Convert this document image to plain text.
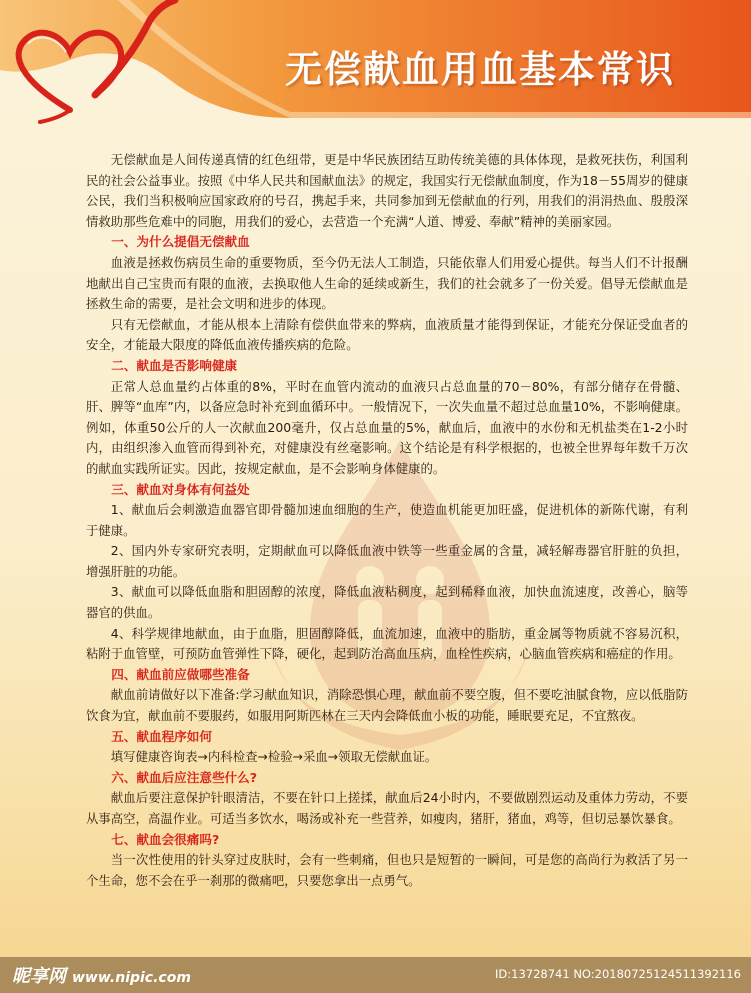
无偿献血用血基本常识

无偿献血是人间传递真情的红色纽带，更是中华民族团结互助传统美德的具体体现，是救死扶伤，利国利民的社会公益事业。按照《中华人民共和国献血法》的规定，我国实行无偿献血制度，作为18－55周岁的健康公民，我们当积极响应国家政府的号召，携起手来，共同参加到无偿献血的行列，用我们的涓涓热血、殷殷深情救助那些危难中的同胞，用我们的爱心，去营造一个充满“人道、博爱、奉献”精神的美丽家园。

一、为什么提倡无偿献血

血液是拯救伤病员生命的重要物质，至今仍无法人工制造，只能依靠人们用爱心提供。每当人们不计报酬地献出自己宝贵而有限的血液，去换取他人生命的延续或新生，我们的社会就多了一份关爱。倡导无偿献血是拯救生命的需要，是社会文明和进步的体现。

只有无偿献血，才能从根本上清除有偿供血带来的弊病，血液质量才能得到保证，才能充分保证受血者的安全，才能最大限度的降低血液传播疾病的危险。

二、献血是否影响健康

正常人总血量约占体重的8%，平时在血管内流动的血液只占总血量的70－80%，有部分储存在骨髓、肝、脾等“血库”内，以备应急时补充到血循环中。一般情况下，一次失血量不超过总血量10%，不影响健康。例如，体重50公斤的人一次献血200毫升，仅占总血量的5%，献血后，血液中的水份和无机盐类在1-2小时内，由组织渗入血管而得到补充，对健康没有丝毫影响。这个结论是有科学根据的，也被全世界每年数千万次的献血实践所证实。因此，按规定献血，是不会影响身体健康的。

三、献血对身体有何益处

1、献血后会刺激造血器官即骨髓加速血细胞的生产，使造血机能更加旺盛，促进机体的新陈代谢，有利于健康。

2、国内外专家研究表明，定期献血可以降低血液中铁等一些重金属的含量，减轻解毒器官肝脏的负担，增强肝脏的功能。

3、献血可以降低血脂和胆固醇的浓度，降低血液粘稠度，起到稀释血液，加快血流速度，改善心，脑等器官的供血。

4、科学规律地献血，由于血脂，胆固醇降低，血流加速，血液中的脂肪，重金属等物质就不容易沉积，粘附于血管壁，可预防血管弹性下降，硬化，起到防治高血压病，血栓性疾病，心脑血管疾病和癌症的作用。

四、献血前应做哪些准备

献血前请做好以下准备:学习献血知识，消除恐惧心理，献血前不要空腹，但不要吃油腻食物，应以低脂防饮食为宜，献血前不要服药，如服用阿斯匹林在三天内会降低血小板的功能，睡眠要充足，不宜熬夜。

五、献血程序如何

填写健康咨询表→内科检查→检验→采血→领取无偿献血证。

六、献血后应注意些什么?

献血后要注意保护针眼清洁，不要在针口上搓揉，献血后24小时内，不要做剧烈运动及重体力劳动，不要从事高空，高温作业。可适当多饮水，喝汤或补充一些营养，如瘦肉，猪肝，猪血，鸡等，但切忌暴饮暴食。

七、献血会很痛吗?

当一次性使用的针头穿过皮肤时，会有一些刺痛，但也只是短暂的一瞬间，可是您的高尚行为救活了另一个生命，您不会在乎一刹那的微痛吧，只要您拿出一点勇气。

昵享网 www.nipic.com	ID:13728741 NO:20180725124511392116
